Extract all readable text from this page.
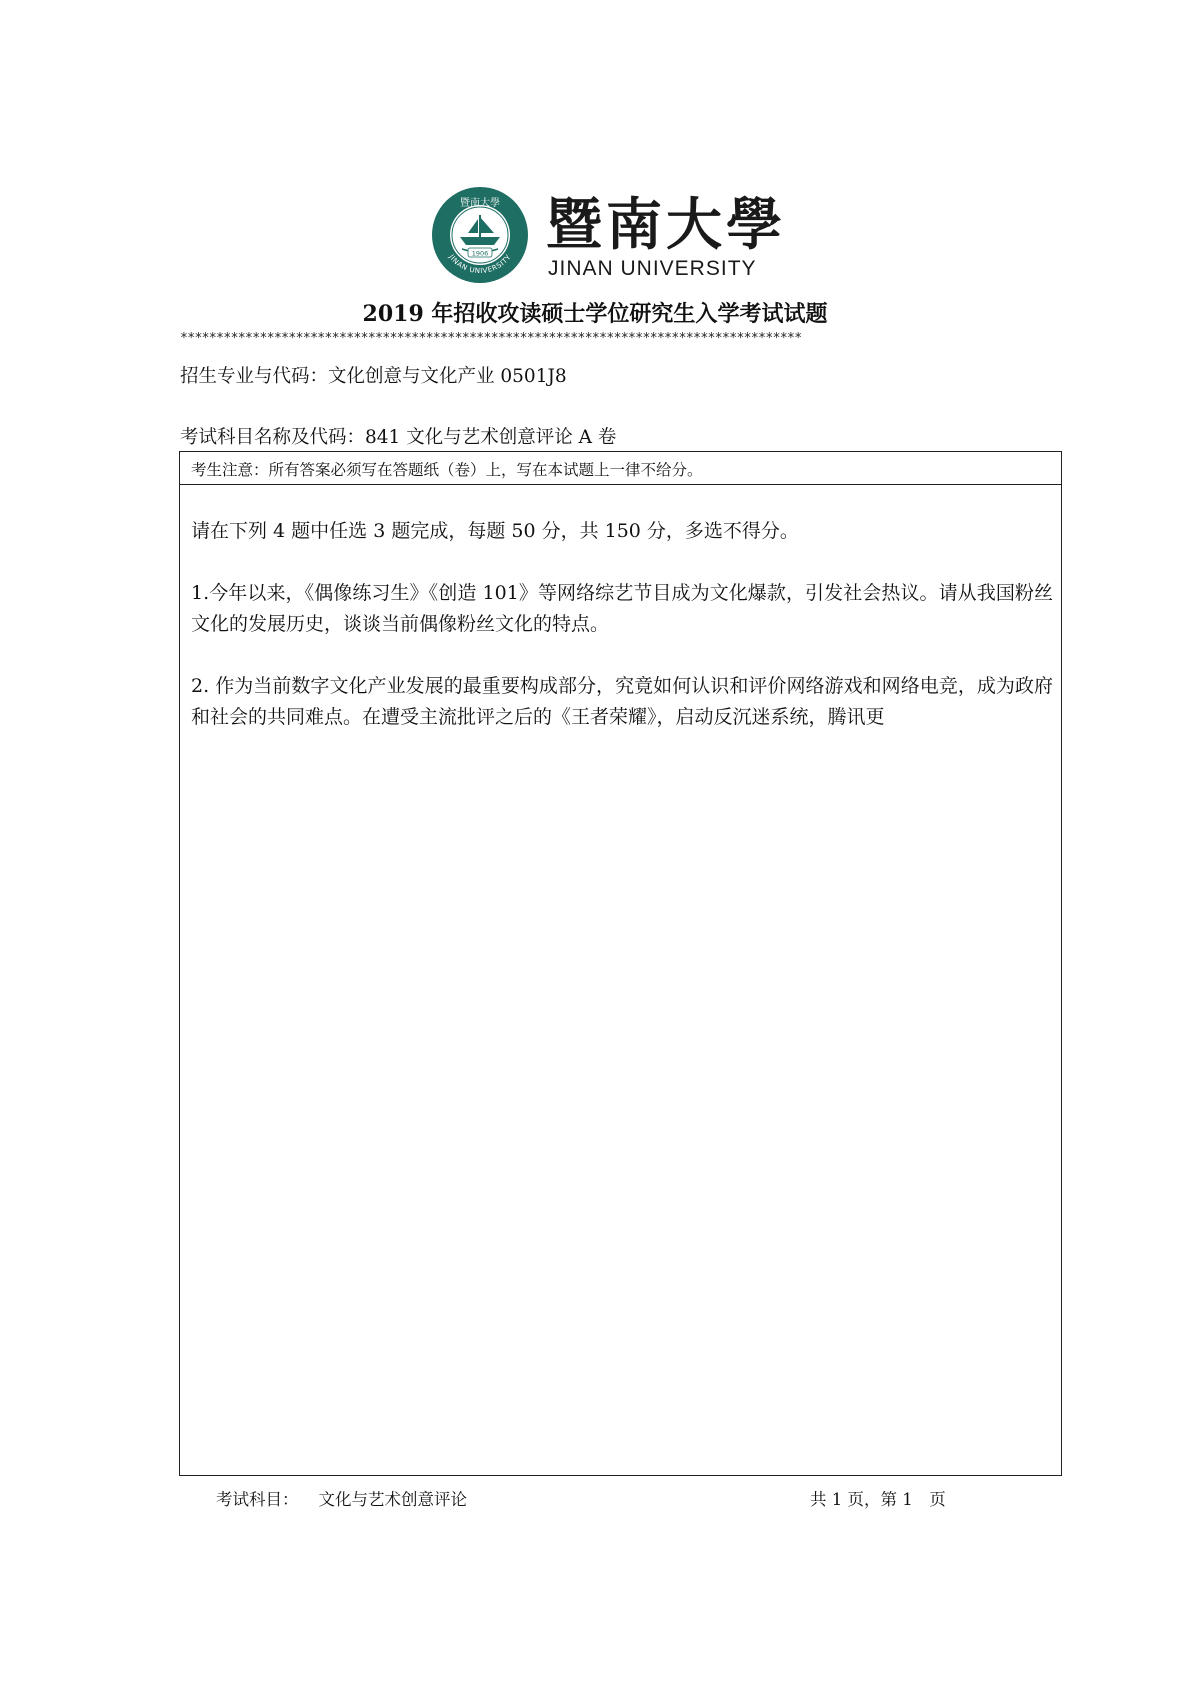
暨南大學
1906
JINAN UNIVERSITY 暨南大學
JINAN UNIVERSITY
2019 年招收攻读硕士学位研究生入学考试试题
**************************************************************************************
招生专业与代码：文化创意与文化产业 0501J8
考试科目名称及代码：841 文化与艺术创意评论 A 卷
考生注意：所有答案必须写在答题纸（卷）上，写在本试题上一律不给分。

请在下列 4 题中任选 3 题完成，每题 50 分，共 150 分，多选不得分。

1.今年以来，《偶像练习生》《创造 101》等网络综艺节目成为文化爆款，引发社会热议。请从我国粉丝文化的发展历史，谈谈当前偶像粉丝文化的特点。

2. 作为当前数字文化产业发展的最重要构成部分，究竟如何认识和评价网络游戏和网络电竞，成为政府和社会的共同难点。在遭受主流批评之后的《王者荣耀》，启动反沉迷系统，腾讯更

考试科目： 文化与艺术创意评论	共 1 页，第 1　页
